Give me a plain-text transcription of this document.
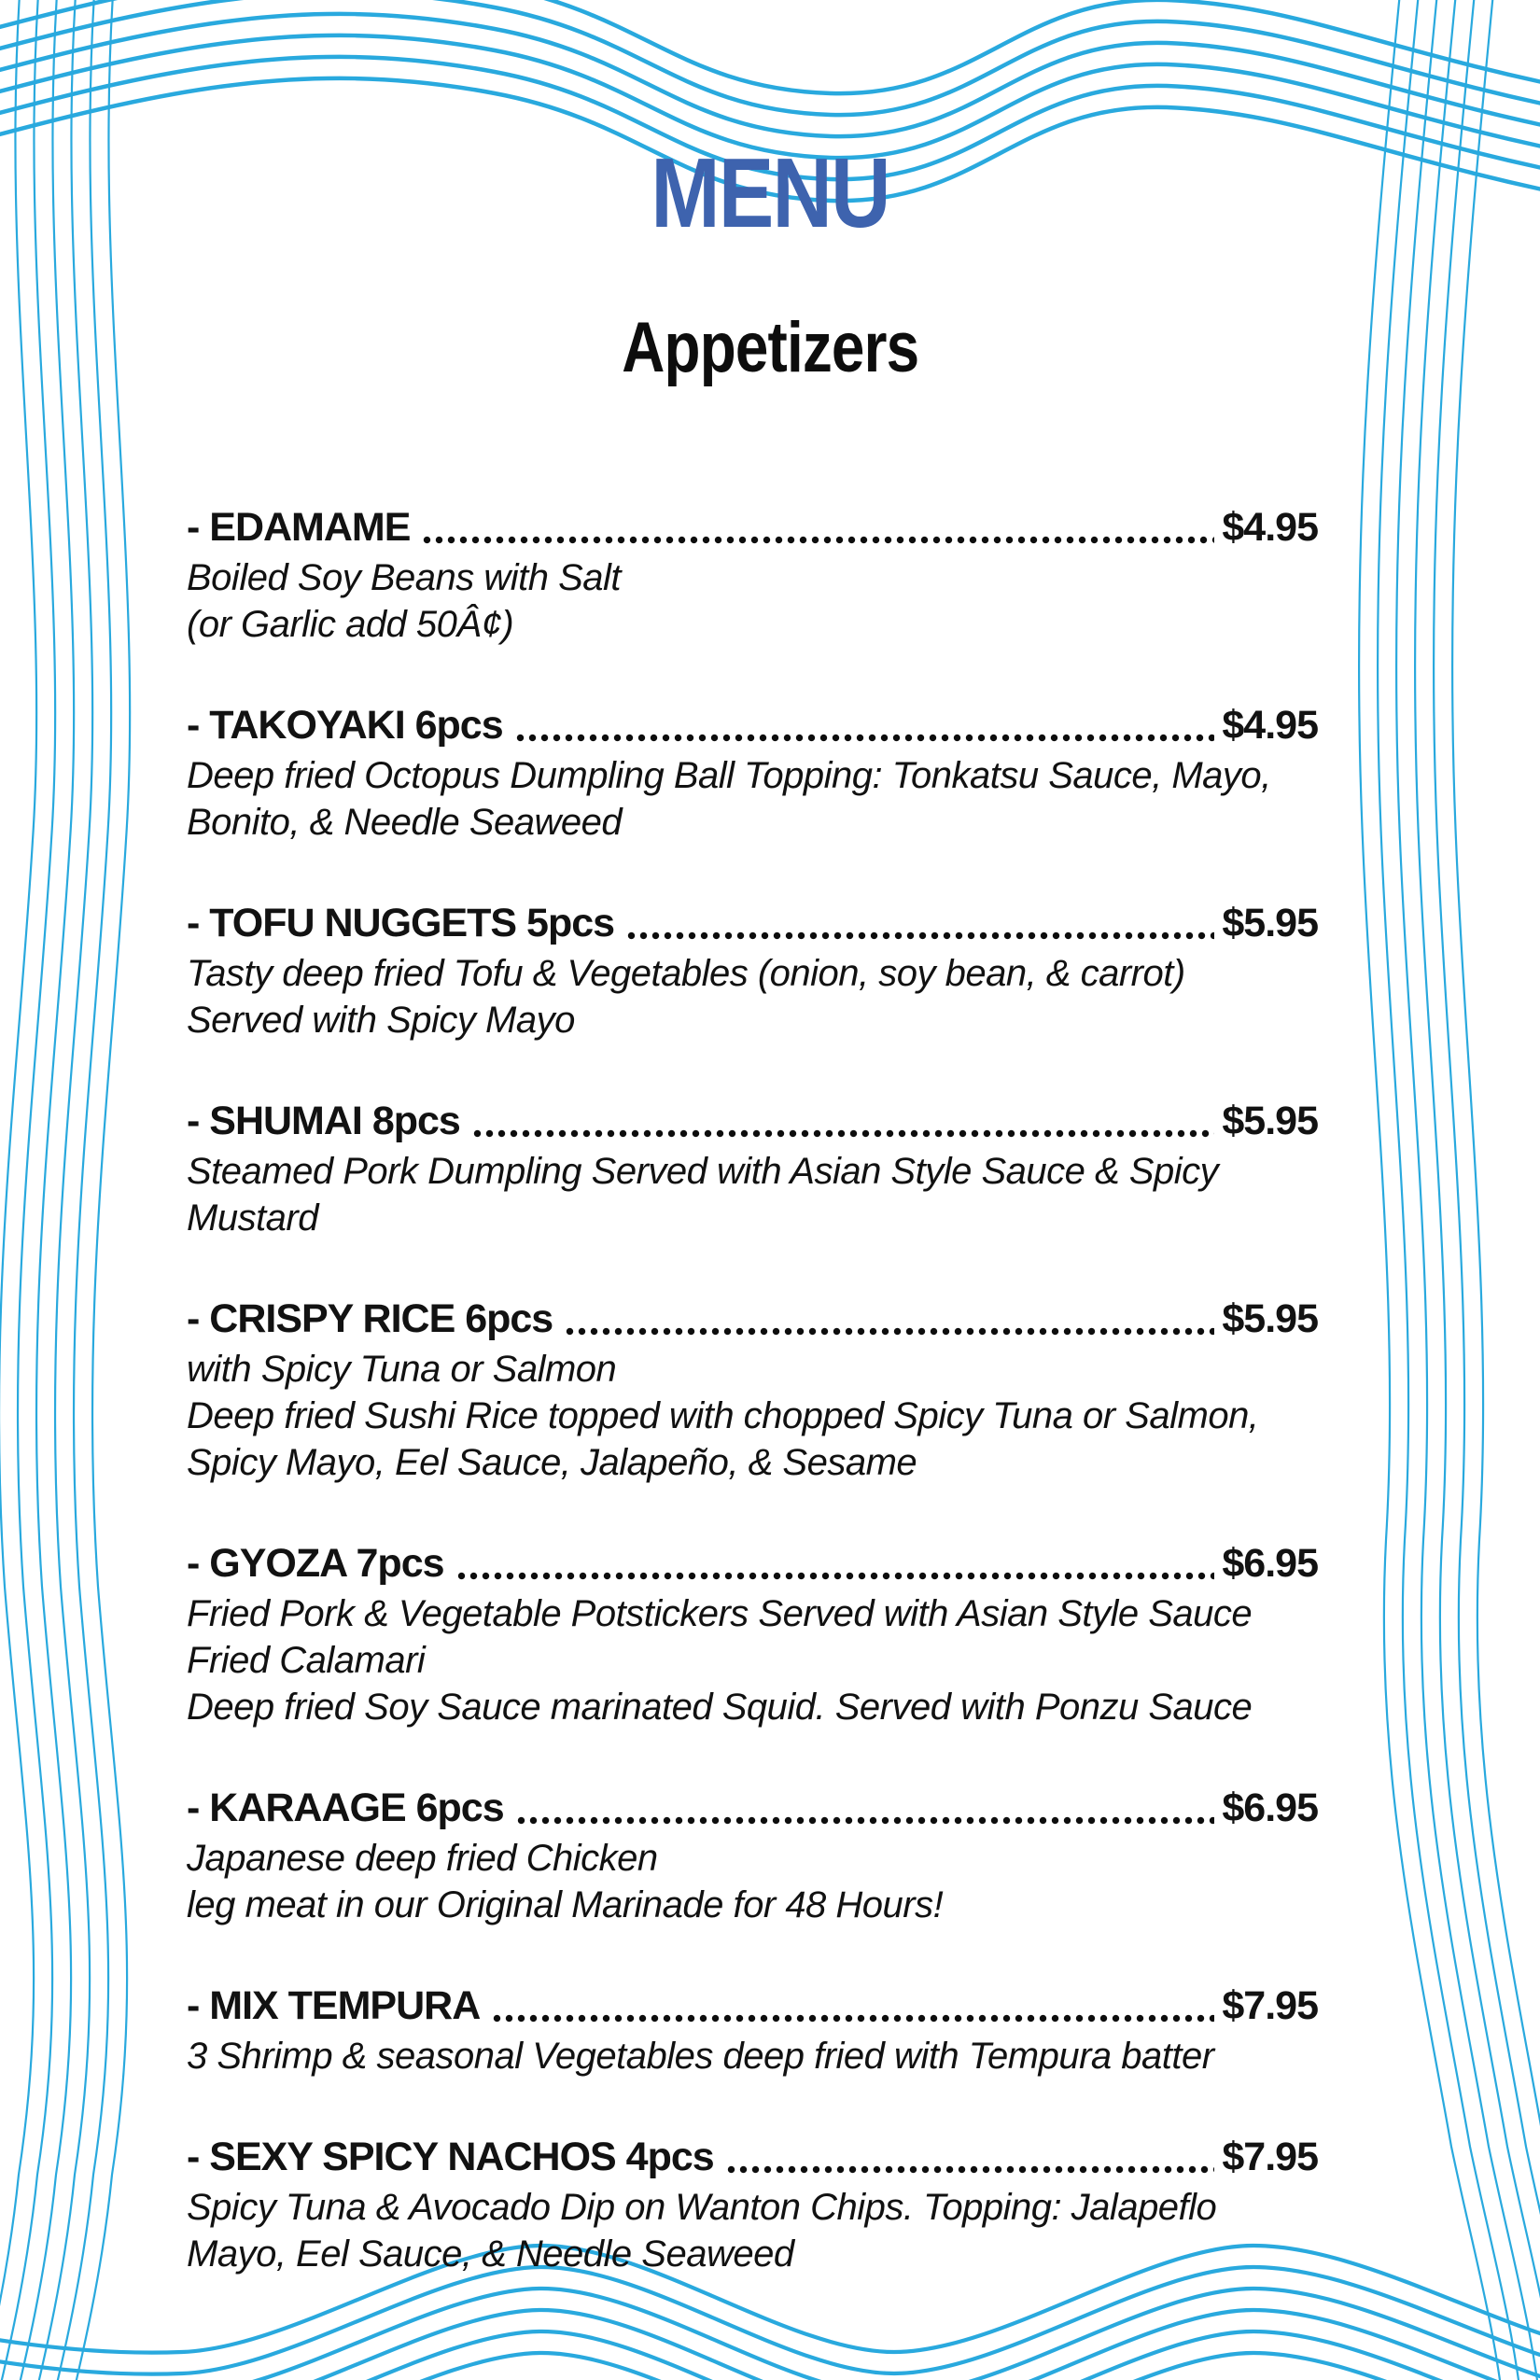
MENU
Appetizers
- EDAMAME	$4.95
Boiled Soy Beans with Salt
(or Garlic add 50Â¢)
- TAKOYAKI 6pcs	$4.95
Deep fried Octopus Dumpling Ball Topping: Tonkatsu Sauce, Mayo, Bonito, & Needle Seaweed
- TOFU NUGGETS 5pcs	$5.95
Tasty deep fried Tofu & Vegetables (onion, soy bean, & carrot)
Served with Spicy Mayo
- SHUMAI 8pcs	$5.95
Steamed Pork Dumpling Served with Asian Style Sauce & Spicy Mustard
- CRISPY RICE 6pcs	$5.95
with Spicy Tuna or Salmon
Deep fried Sushi Rice topped with chopped Spicy Tuna or Salmon, Spicy Mayo, Eel Sauce, Jalapeño, & Sesame
- GYOZA 7pcs	$6.95
Fried Pork & Vegetable Potstickers Served with Asian Style Sauce
Fried Calamari
Deep fried Soy Sauce marinated Squid. Served with Ponzu Sauce
- KARAAGE 6pcs	$6.95
Japanese deep fried Chicken
leg meat in our Original Marinade for 48 Hours!
- MIX TEMPURA	$7.95
3 Shrimp & seasonal Vegetables deep fried with Tempura batter
- SEXY SPICY NACHOS 4pcs	$7.95
Spicy Tuna & Avocado Dip on Wanton Chips. Topping: Jalapeflo Mayo, Eel Sauce, & Needle Seaweed
